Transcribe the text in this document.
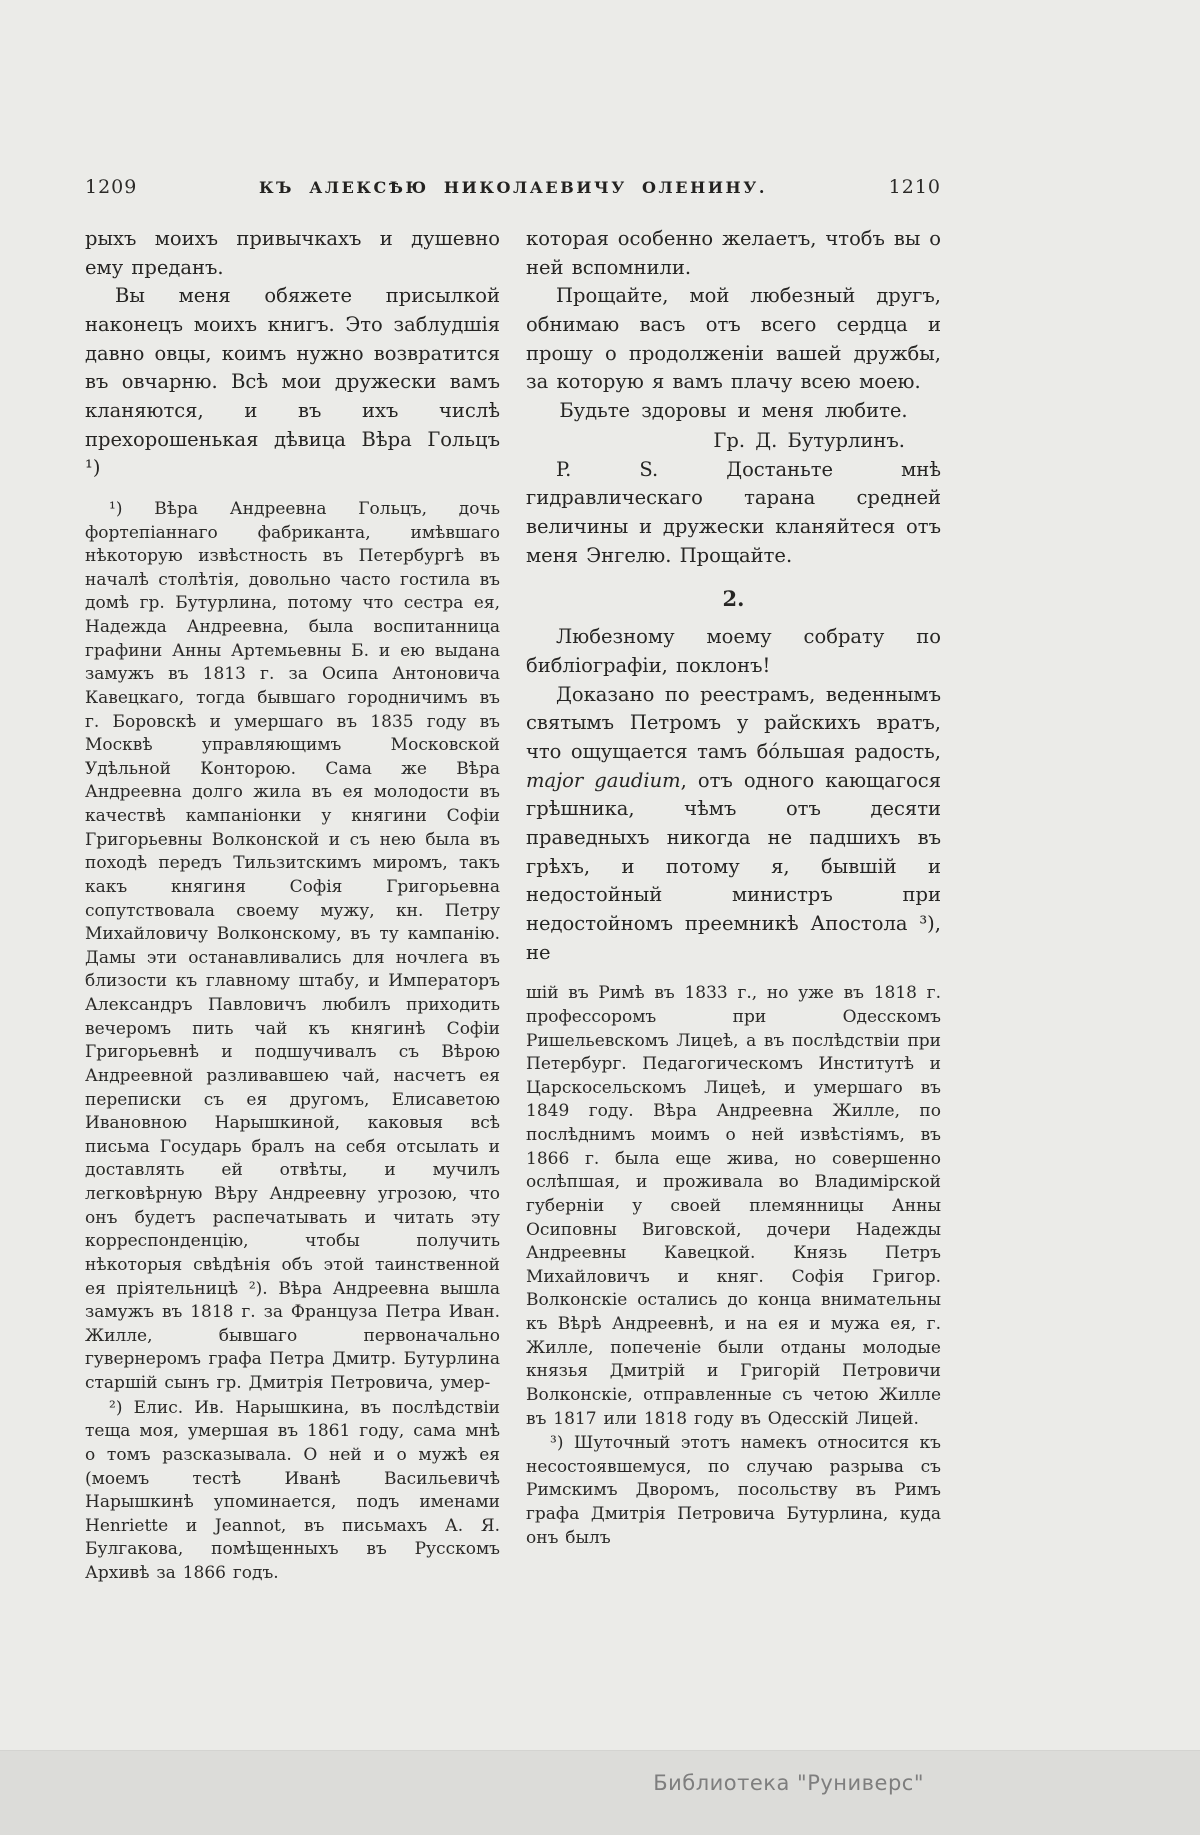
1209	КЪ АЛЕКСѢЮ НИКОЛАЕВИЧУ ОЛЕНИНУ.	1210

рыхъ моихъ привычкахъ и душевно ему преданъ.

Вы меня обяжете присылкой наконецъ моихъ книгъ. Это заблудшія давно овцы, коимъ нужно возвратится въ овчарню. Всѣ мои дружески вамъ кланяются, и въ ихъ числѣ прехорошенькая дѣвица Вѣра Гольцъ ¹)

¹) Вѣра Андреевна Гольцъ, дочь фортепіаннаго фабриканта, имѣвшаго нѣкоторую извѣстность въ Петербургѣ въ началѣ столѣтія, довольно часто гостила въ домѣ гр. Бутурлина, потому что сестра ея, Надежда Андреевна, была воспитанница графини Анны Артемьевны Б. и ею выдана замужъ въ 1813 г. за Осипа Антоновича Кавецкаго, тогда бывшаго городничимъ въ г. Боровскѣ и умершаго въ 1835 году въ Москвѣ управляющимъ Московской Удѣльной Конторою. Сама же Вѣра Андреевна долго жила въ ея молодости въ качествѣ кампаніонки у княгини Софіи Григорьевны Волконской и съ нею была въ походѣ передъ Тильзитскимъ миромъ, такъ какъ княгиня Софія Григорьевна сопутствовала своему мужу, кн. Петру Михайловичу Волконскому, въ ту кампанію. Дамы эти останавливались для ночлега въ близости къ главному штабу, и Императоръ Александръ Павловичъ любилъ приходить вечеромъ пить чай къ княгинѣ Софіи Григорьевнѣ и подшучивалъ съ Вѣрою Андреевной разливавшею чай, насчетъ ея переписки съ ея другомъ, Елисаветою Ивановною Нарышкиной, каковыя всѣ письма Государь бралъ на себя отсылать и доставлять ей отвѣты, и мучилъ легковѣрную Вѣру Андреевну угрозою, что онъ будетъ распечатывать и читать эту корреспонденцію, чтобы получить нѣкоторыя свѣдѣнія объ этой таинственной ея пріятельницѣ ²). Вѣра Андреевна вышла замужъ въ 1818 г. за Француза Петра Иван. Жилле, бывшаго первоначально гувернеромъ графа Петра Дмитр. Бутурлина старшій сынъ гр. Дмитрія Петровича, умер-

²) Елис. Ив. Нарышкина, въ послѣдствіи теща моя, умершая въ 1861 году, сама мнѣ о томъ разсказывала. О ней и о мужѣ ея (моемъ тестѣ Иванѣ Васильевичѣ Нарышкинѣ упоминается, подъ именами Henriette и Jeannot, въ письмахъ А. Я. Булгакова, помѣщенныхъ въ Русскомъ Архивѣ за 1866 годъ.

которая особенно желаетъ, чтобъ вы о ней вспомнили.

Прощайте, мой любезный другъ, обнимаю васъ отъ всего сердца и прошу о продолженіи вашей дружбы, за которую я вамъ плачу всею моею.

Будьте здоровы и меня любите.

Гр. Д. Бутурлинъ.

P. S. Достаньте мнѣ гидравлическаго тарана средней величины и дружески кланяйтеся отъ меня Энгелю. Прощайте.

2.

Любезному моему собрату по библіографіи, поклонъ!

Доказано по реестрамъ, веденнымъ святымъ Петромъ у райскихъ вратъ, что ощущается тамъ бо́льшая радость, major gaudium, отъ одного кающагося грѣшника, чѣмъ отъ десяти праведныхъ никогда не падшихъ въ грѣхъ, и потому я, бывшій и недостойный министръ при недостойномъ преемникѣ Апостола ³), не

шій въ Римѣ въ 1833 г., но уже въ 1818 г. профессоромъ при Одесскомъ Ришельевскомъ Лицеѣ, а въ послѣдствіи при Петербург. Педагогическомъ Институтѣ и Царскосельскомъ Лицеѣ, и умершаго въ 1849 году. Вѣра Андреевна Жилле, по послѣднимъ моимъ о ней извѣстіямъ, въ 1866 г. была еще жива, но совершенно ослѣпшая, и проживала во Владимірской губерніи у своей племянницы Анны Осиповны Виговской, дочери Надежды Андреевны Кавецкой. Князь Петръ Михайловичъ и княг. Софія Григор. Волконскіе остались до конца внимательны къ Вѣрѣ Андреевнѣ, и на ея и мужа ея, г. Жилле, попеченіе были отданы молодые князья Дмитрій и Григорій Петровичи Волконскіе, отправленные съ четою Жилле въ 1817 или 1818 году въ Одесскій Лицей.

³) Шуточный этотъ намекъ относится къ несостоявшемуся, по случаю разрыва съ Римскимъ Дворомъ, посольству въ Римъ графа Дмитрія Петровича Бутурлина, куда онъ былъ

Библиотека "Руниверс"
